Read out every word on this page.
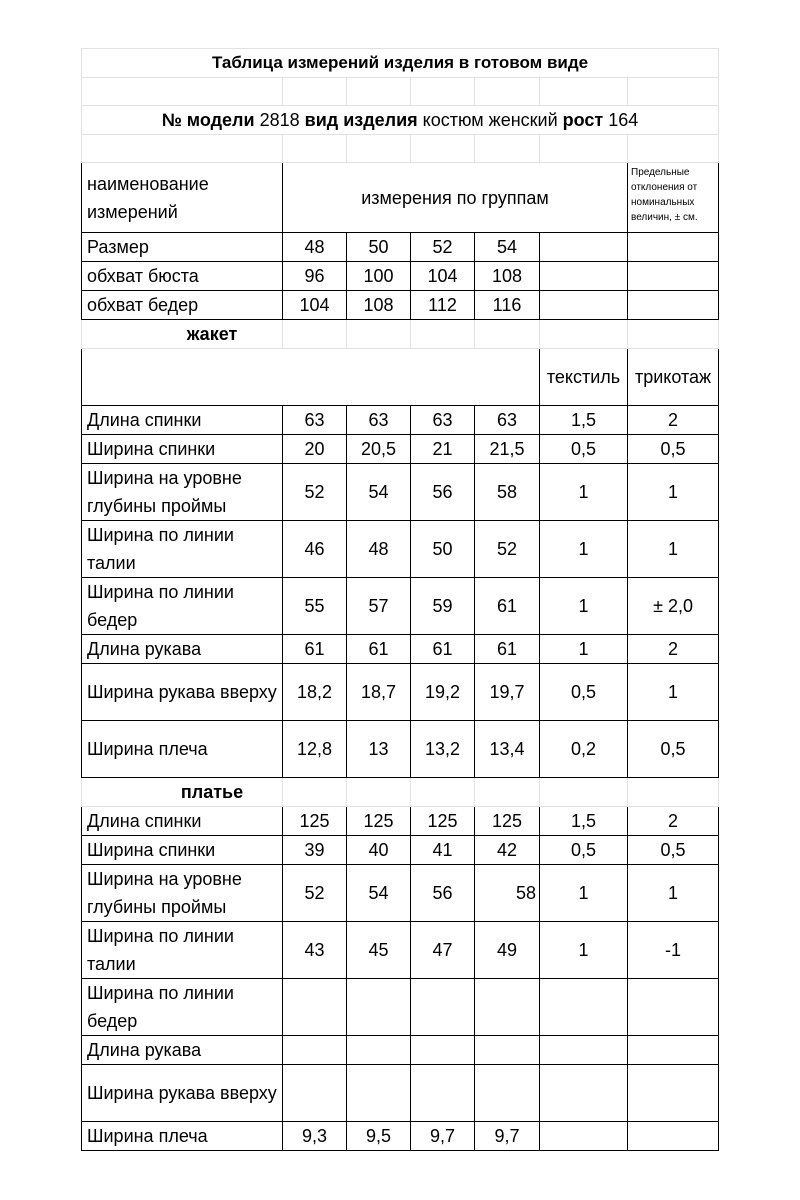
Таблица измерений изделия в готовом виде						

№ модели 2818 вид изделия костюм женский рост 164						

наименование измерений	измерения по группам					Предельные отклонения от номинальных величин, ± см.
Размер	48	50	52	54		
обхват бюста	96	100	104	108		
обхват бедер	104	108	112	116		
жакет						
					текстиль	трикотаж
Длина спинки	63	63	63	63	1,5	2
Ширина спинки	20	20,5	21	21,5	0,5	0,5
Ширина на уровне глубины проймы	52	54	56	58	1	1
Ширина по линии талии	46	48	50	52	1	1
Ширина по линии бедер	55	57	59	61	1	± 2,0
Длина рукава	61	61	61	61	1	2
Ширина рукава вверху	18,2	18,7	19,2	19,7	0,5	1
Ширина плеча	12,8	13	13,2	13,4	0,2	0,5
платье						
Длина спинки	125	125	125	125	1,5	2
Ширина спинки	39	40	41	42	0,5	0,5
Ширина на уровне глубины проймы	52	54	56	58	1	1
Ширина по линии талии	43	45	47	49	1	-1
Ширина по линии бедер						
Длина рукава						
Ширина рукава вверху						
Ширина плеча	9,3	9,5	9,7	9,7		
